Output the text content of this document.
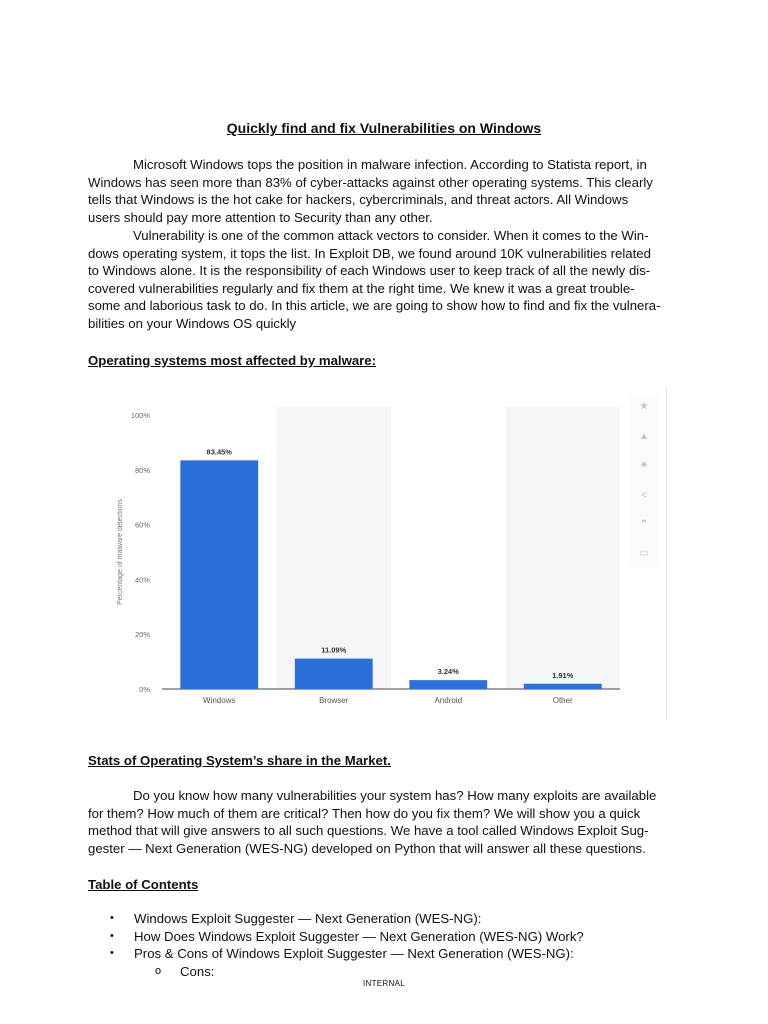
Quickly find and fix Vulnerabilities on Windows

Microsoft Windows tops the position in malware infection. According to Statista report, in
Windows has seen more than 83% of cyber-attacks against other operating systems. This clearly
tells that Windows is the hot cake for hackers, cybercriminals, and threat actors. All Windows
users should pay more attention to Security than any other.

Vulnerability is one of the common attack vectors to consider. When it comes to the Win-
dows operating system, it tops the list. In Exploit DB, we found around 10K vulnerabilities related
to Windows alone. It is the responsibility of each Windows user to keep track of all the newly dis-
covered vulnerabilities regularly and fix them at the right time. We knew it was a great trouble-
some and laborious task to do. In this article, we are going to show how to find and fix the vulnera-
bilities on your Windows OS quickly

Operating systems most affected by malware:
0%
20%
40%
60%
80%
100%
Percentage of malware detections
83.45%
Windows
11.09%
Browser
3.24%
Android
1.91%
Other
★
▲
✷
<
❞
▭
Stats of Operating System’s share in the Market.

Do you know how many vulnerabilities your system has? How many exploits are available
for them? How much of them are critical? Then how do you fix them? We will show you a quick
method that will give answers to all such questions. We have a tool called Windows Exploit Sug-
gester — Next Generation (WES-NG) developed on Python that will answer all these questions.

Table of Contents
• Windows Exploit Suggester — Next Generation (WES-NG):
• How Does Windows Exploit Suggester — Next Generation (WES-NG) Work?
• Pros & Cons of Windows Exploit Suggester — Next Generation (WES-NG):
o Cons:
INTERNAL
